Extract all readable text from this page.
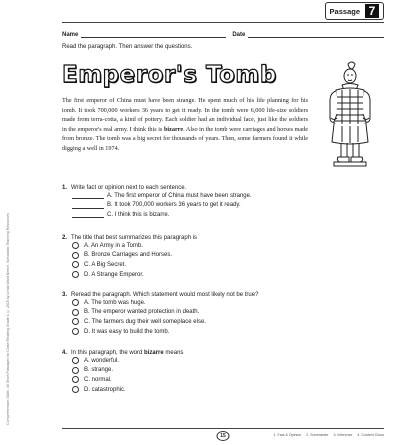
Comprehension Skills: 40 Short Passages for Close Reading Grade 1 © 2015 by Linda Ward Beech, Scholastic Teaching Resources
Passage 7
Name	Date
Read the paragraph. Then answer the questions.
Emperor's Tomb

The first emperor of China must have been strange. He spent much of his life planning for his tomb. It took 700,000 workers 36 years to get it ready. In the tomb were 6,000 life-size soldiers made from terra-cotta, a kind of pottery. Each soldier had an individual face, just like the soldiers in the emperor's real army. I think this is bizarre. Also in the tomb were carriages and horses made from bronze. The tomb was a big secret for thousands of years. Then, some farmers found it while digging a well in 1974.

1. Write fact or opinion next to each sentence.
A. The first emperor of China must have been strange.
B. It took 700,000 workers 36 years to get it ready.
C. I think this is bizarre.
2. The title that best summarizes this paragraph is
A. An Army in a Tomb.
B. Bronze Carriages and Horses.
C. A Big Secret.
D. A Strange Emperor.
3. Reread the paragraph. Which statement would most likely not be true?
A. The tomb was huge.
B. The emperor wanted protection in death.
C. The farmers dug their well someplace else.
D. It was easy to build the tomb.
4. In this paragraph, the word bizarre means
A. wonderful.
B. strange.
C. normal.
D. catastrophic.
15	1. Fact & Opinion 2. Summarize 3. Inference 4. Context Clues
